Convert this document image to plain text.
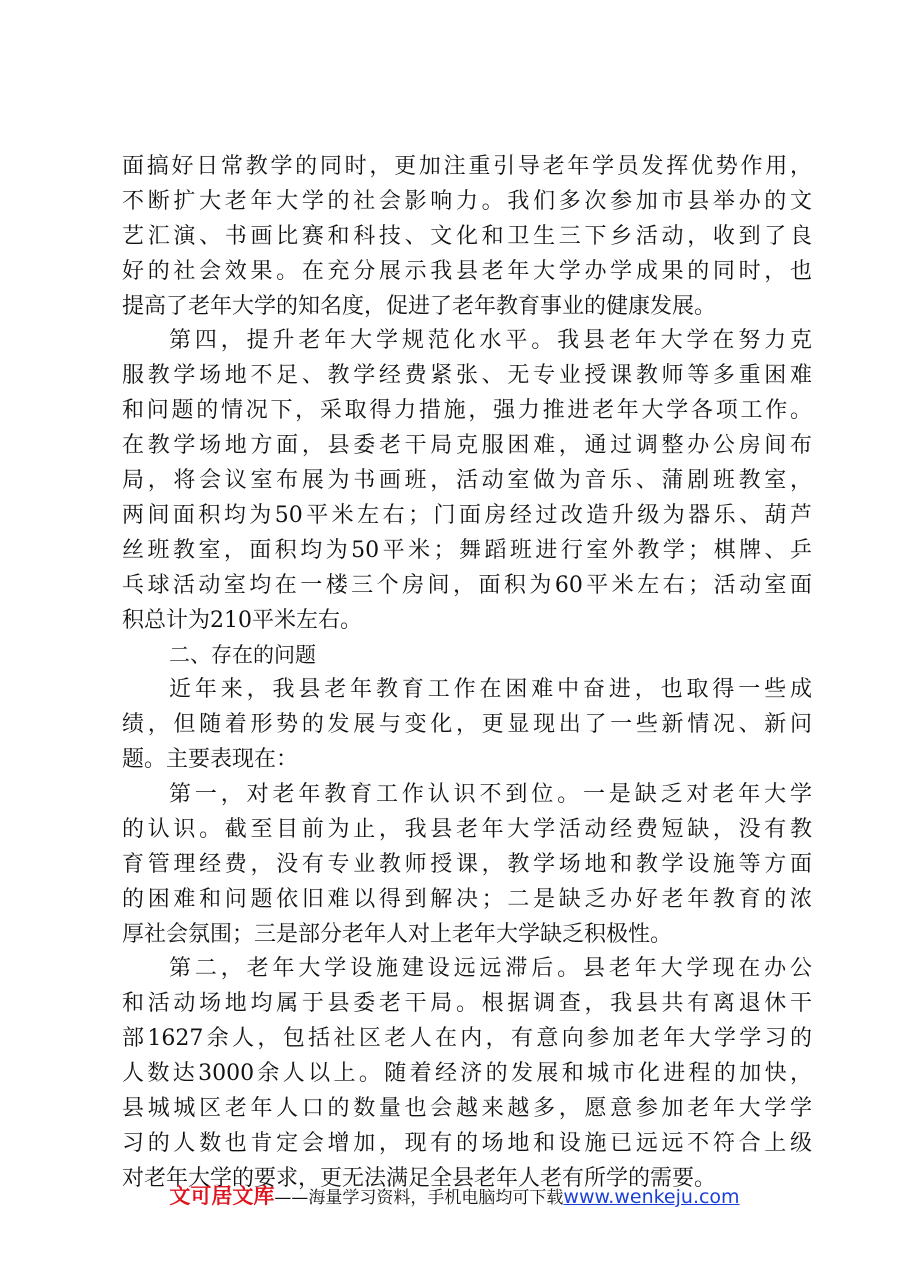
面搞好日常教学的同时，更加注重引导老年学员发挥优势作用，
不断扩大老年大学的社会影响力。我们多次参加市县举办的文
艺汇演、书画比赛和科技、文化和卫生三下乡活动，收到了良
好的社会效果。在充分展示我县老年大学办学成果的同时，也
提高了老年大学的知名度，促进了老年教育事业的健康发展。
第四，提升老年大学规范化水平。我县老年大学在努力克
服教学场地不足、教学经费紧张、无专业授课教师等多重困难
和问题的情况下，采取得力措施，强力推进老年大学各项工作。
在教学场地方面，县委老干局克服困难，通过调整办公房间布
局，将会议室布展为书画班，活动室做为音乐、蒲剧班教室，
两间面积均为50平米左右；门面房经过改造升级为器乐、葫芦
丝班教室，面积均为50平米；舞蹈班进行室外教学；棋牌、乒
乓球活动室均在一楼三个房间，面积为60平米左右；活动室面
积总计为210平米左右。
二、存在的问题
近年来，我县老年教育工作在困难中奋进，也取得一些成
绩，但随着形势的发展与变化，更显现出了一些新情况、新问
题。主要表现在：
第一，对老年教育工作认识不到位。一是缺乏对老年大学
的认识。截至目前为止，我县老年大学活动经费短缺，没有教
育管理经费，没有专业教师授课，教学场地和教学设施等方面
的困难和问题依旧难以得到解决；二是缺乏办好老年教育的浓
厚社会氛围；三是部分老年人对上老年大学缺乏积极性。
第二，老年大学设施建设远远滞后。县老年大学现在办公
和活动场地均属于县委老干局。根据调查，我县共有离退休干
部1627余人，包括社区老人在内，有意向参加老年大学学习的
人数达3000余人以上。随着经济的发展和城市化进程的加快，
县城城区老年人口的数量也会越来越多，愿意参加老年大学学
习的人数也肯定会增加，现有的场地和设施已远远不符合上级
对老年大学的要求，更无法满足全县老年人老有所学的需要。
文可居文库——海量学习资料，手机电脑均可下载www.wenkeju.com
